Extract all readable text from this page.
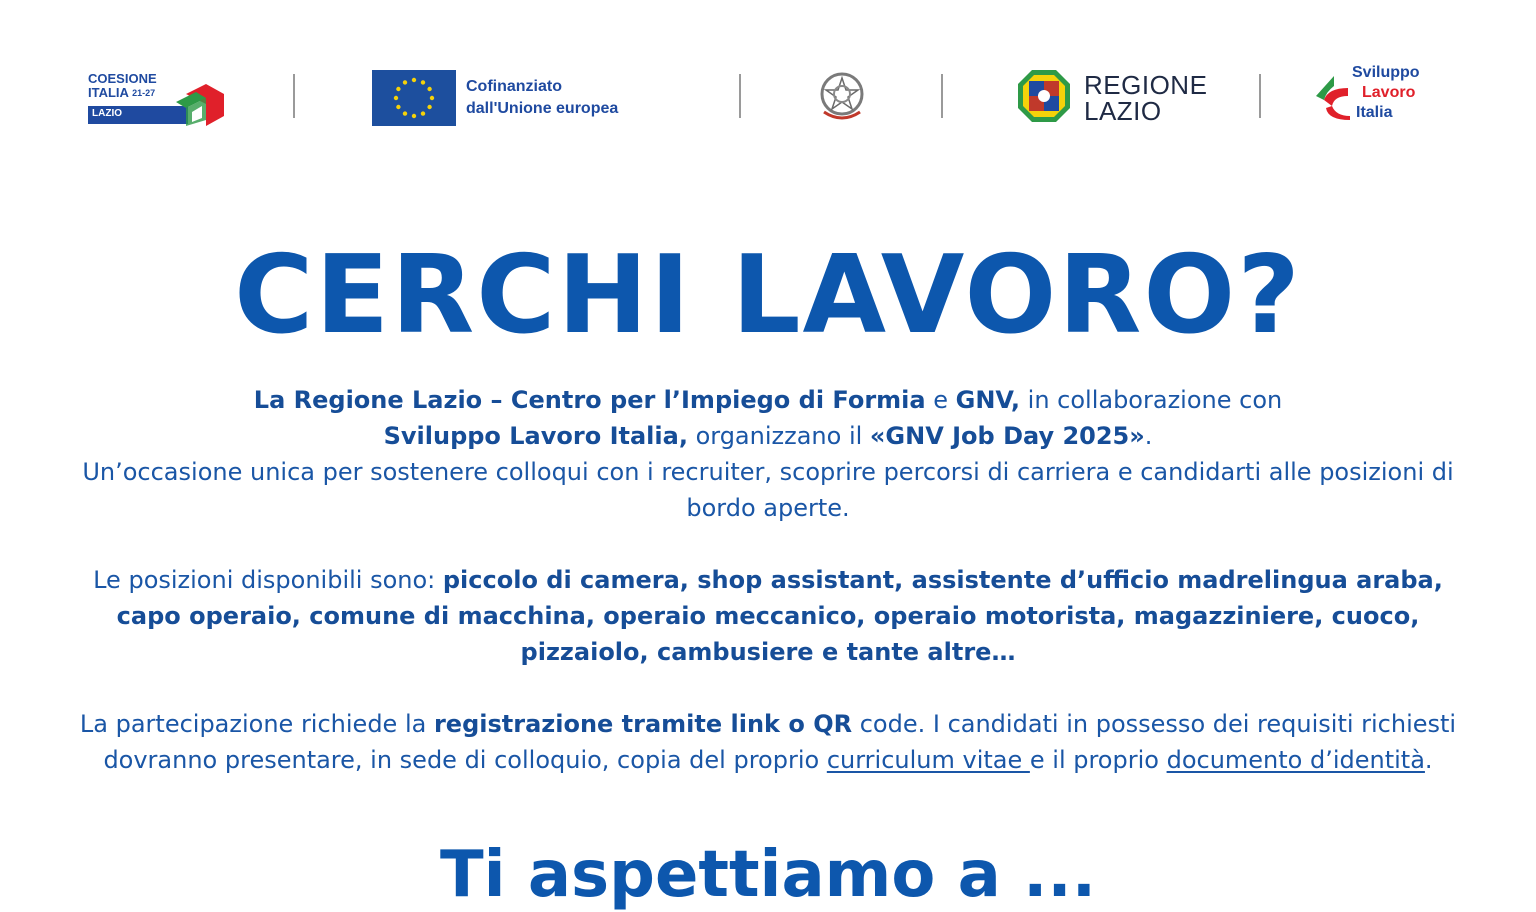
COESIONE
ITALIA $^{21-27}$
LAZIO
Cofinanziato
dall'Unione europea
REGIONE
LAZIO
Sviluppo
Lavoro
Italia
CERCHI LAVORO?

La Regione Lazio – Centro per l’Impiego di Formia e GNV, in collaborazione con
Sviluppo Lavoro Italia, organizzano il «GNV Job Day 2025».
Un’occasione unica per sostenere colloqui con i recruiter, scoprire percorsi di carriera e candidarti alle posizioni di bordo aperte.

Le posizioni disponibili sono: piccolo di camera, shop assistant, assistente d’ufficio madrelingua araba, capo operaio, comune di macchina, operaio meccanico, operaio motorista, magazziniere, cuoco, pizzaiolo, cambusiere e tante altre…

La partecipazione richiede la registrazione tramite link o QR code. I candidati in possesso dei requisiti richiesti dovranno presentare, in sede di colloquio, copia del proprio curriculum vitae e il proprio documento d’identità.

Ti aspettiamo a ...
